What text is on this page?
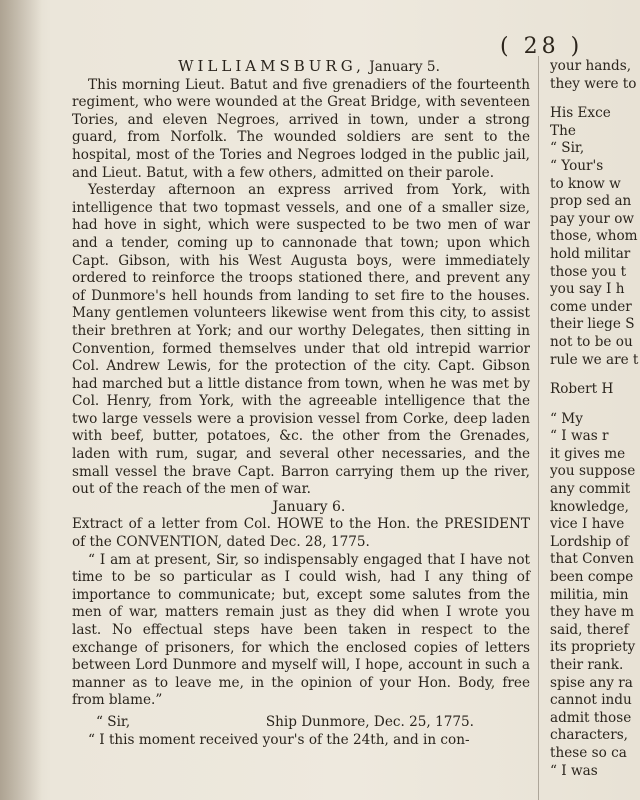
( 28 )

WILLIAMSBURG, January 5.

This morning Lieut. Batut and five grenadiers of the fourteenth regiment, who were wounded at the Great Bridge, with seventeen Tories, and eleven Negroes, arrived in town, under a strong guard, from Norfolk. The wounded soldiers are sent to the hospital, most of the Tories and Negroes lodged in the public jail, and Lieut. Batut, with a few others, admitted on their parole.

Yesterday afternoon an express arrived from York, with intelligence that two topmast vessels, and one of a smaller size, had hove in sight, which were suspected to be two men of war and a tender, coming up to cannonade that town; upon which Capt. Gibson, with his West Augusta boys, were immediately ordered to reinforce the troops stationed there, and prevent any of Dunmore's hell hounds from landing to set fire to the houses. Many gentlemen volunteers likewise went from this city, to assist their brethren at York; and our worthy Delegates, then sitting in Convention, formed themselves under that old intrepid warrior Col. Andrew Lewis, for the protection of the city. Capt. Gibson had marched but a little distance from town, when he was met by Col. Henry, from York, with the agreeable intelligence that the two large vessels were a provision vessel from Corke, deep laden with beef, butter, potatoes, &c. the other from the Grenades, laden with rum, sugar, and several other necessaries, and the small vessel the brave Capt. Barron carrying them up the river, out of the reach of the men of war.

January 6.

Extract of a letter from Col. HOWE to the Hon. the PRESIDENT of the CONVENTION, dated Dec. 28, 1775.

“ I am at present, Sir, so indispensably engaged that I have not time to be so particular as I could wish, had I any thing of importance to communicate; but, except some salutes from the men of war, matters remain just as they did when I wrote you last. No effectual steps have been taken in respect to the exchange of prisoners, for which the enclosed copies of letters between Lord Dunmore and myself will, I hope, account in such a manner as to leave me, in the opinion of your Hon. Body, free from blame.”

“ Sir,	Ship Dunmore, Dec. 25, 1775.

“ I this moment received your's of the 24th, and in con-

your hands,
they were to
His Exce
The
“ Sir,
“ Your's
to know w
prop sed an
pay your ow
those, whom
hold militar
those you t
you say I h
come under
their liege S
not to be ou
rule we are t
Robert H
“ My
“ I was r
it gives me
you suppose
any commit
knowledge,
vice I have
Lordship of
that Conven
been compe
militia, min
they have m
said, theref
its propriety
their rank.
spise any ra
cannot indu
admit those
characters,
these so ca
“ I was
